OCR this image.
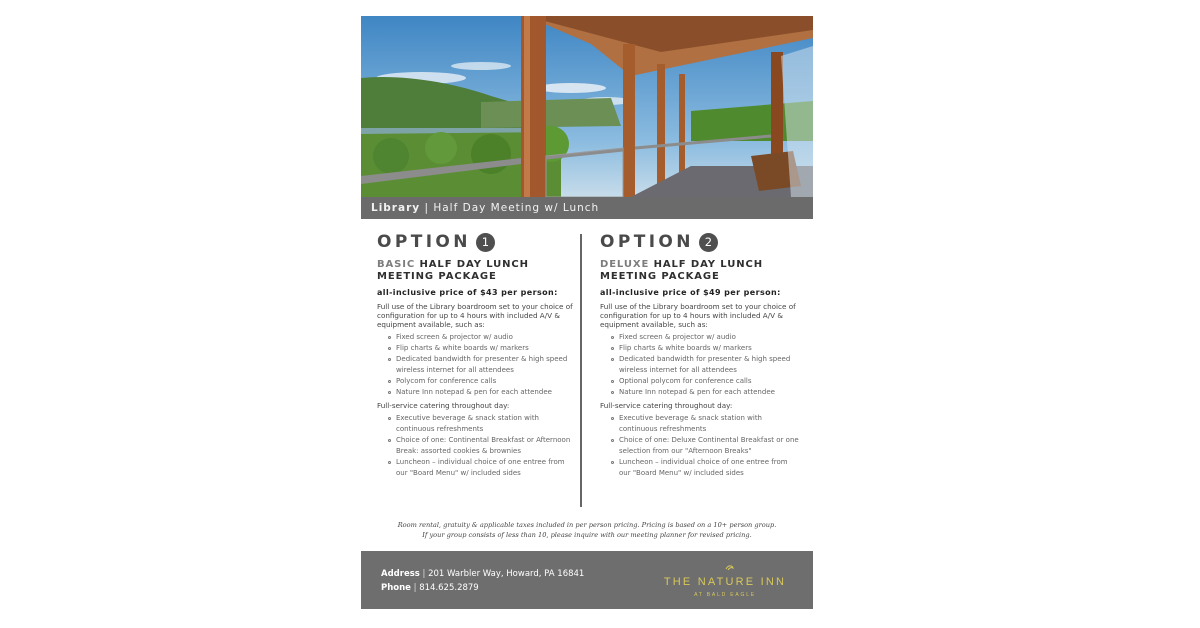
Library | Half Day Meeting w/ Lunch
OPTION 1
BASIC HALF DAY LUNCH MEETING PACKAGE
all-inclusive price of $43 per person:
Full use of the Library boardroom set to your choice of configuration for up to 4 hours with included A/V & equipment available, such as:
Fixed screen & projector w/ audio
Flip charts & white boards w/ markers
Dedicated bandwidth for presenter & high speed wireless internet for all attendees
Polycom for conference calls
Nature Inn notepad & pen for each attendee
Full-service catering throughout day:
Executive beverage & snack station with continuous refreshments
Choice of one: Continental Breakfast or Afternoon Break: assorted cookies & brownies
Luncheon – individual choice of one entree from our "Board Menu" w/ included sides
OPTION 2
DELUXE HALF DAY LUNCH MEETING PACKAGE
all-inclusive price of $49 per person:
Full use of the Library boardroom set to your choice of configuration for up to 4 hours with included A/V & equipment available, such as:
Fixed screen & projector w/ audio
Flip charts & white boards w/ markers
Dedicated bandwidth for presenter & high speed wireless internet for all attendees
Optional polycom for conference calls
Nature Inn notepad & pen for each attendee
Full-service catering throughout day:
Executive beverage & snack station with continuous refreshments
Choice of one: Deluxe Continental Breakfast or one selection from our "Afternoon Breaks"
Luncheon – individual choice of one entree from our "Board Menu" w/ included sides
Room rental, gratuity & applicable taxes included in per person pricing. Pricing is based on a 10+ person group.
If your group consists of less than 10, please inquire with our meeting planner for revised pricing.
Address | 201 Warbler Way, Howard, PA 16841
Phone | 814.625.2879	THE NATURE INN
AT BALD EAGLE
